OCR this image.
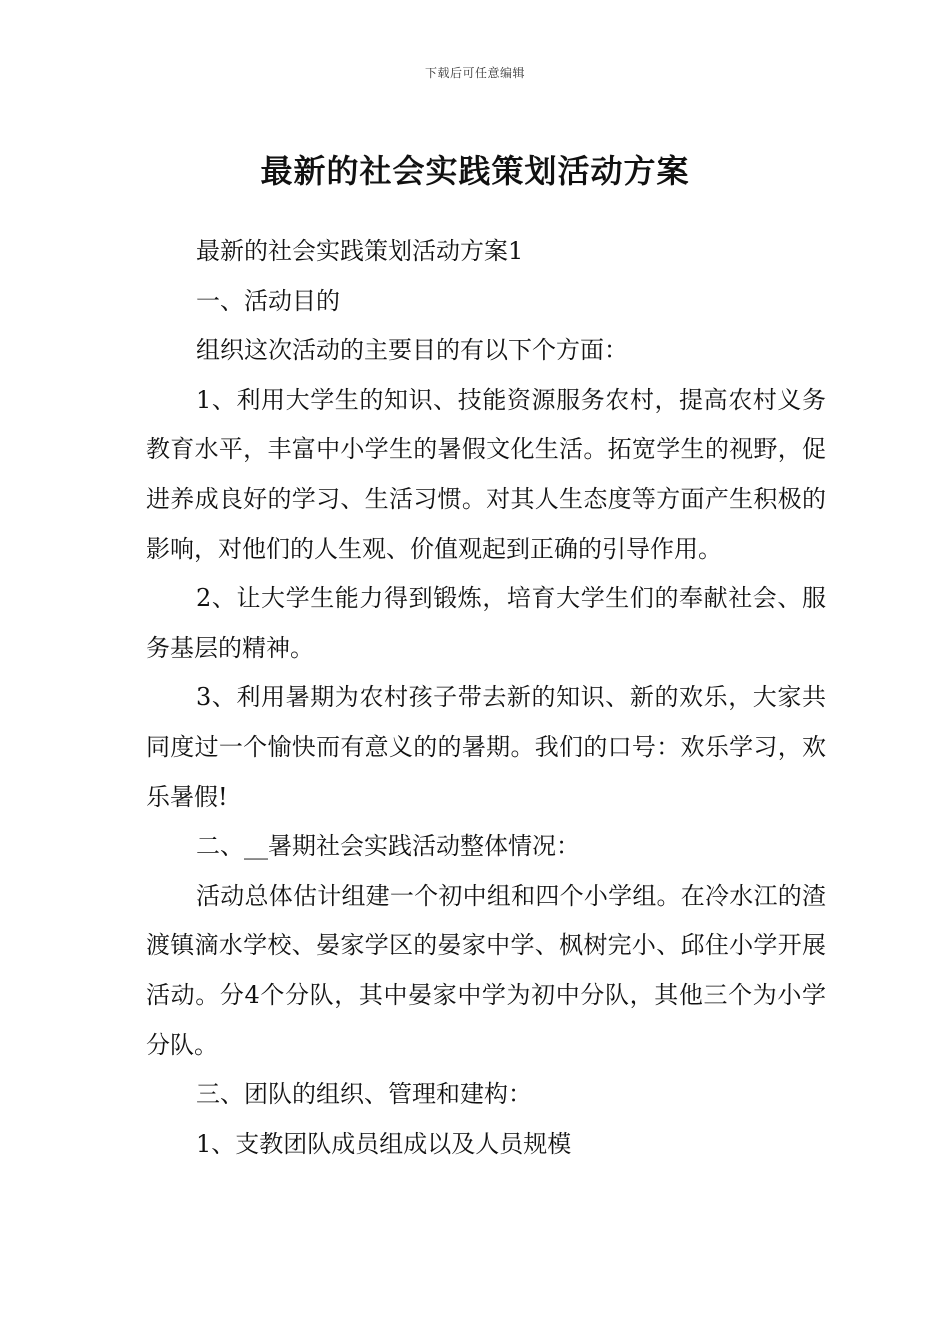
下载后可任意编辑
最新的社会实践策划活动方案

最新的社会实践策划活动方案1

一、活动目的

组织这次活动的主要目的有以下个方面：

1、利用大学生的知识、技能资源服务农村，提高农村义务教育水平，丰富中小学生的暑假文化生活。拓宽学生的视野，促进养成良好的学习、生活习惯。对其人生态度等方面产生积极的影响，对他们的人生观、价值观起到正确的引导作用。

2、让大学生能力得到锻炼，培育大学生们的奉献社会、服务基层的精神。

3、利用暑期为农村孩子带去新的知识、新的欢乐，大家共同度过一个愉快而有意义的的暑期。我们的口号：欢乐学习，欢乐暑假!

二、__暑期社会实践活动整体情况：

活动总体估计组建一个初中组和四个小学组。在冷水江的渣渡镇滴水学校、晏家学区的晏家中学、枫树完小、邱住小学开展活动。分4个分队，其中晏家中学为初中分队，其他三个为小学分队。

三、团队的组织、管理和建构：

1、支教团队成员组成以及人员规模
